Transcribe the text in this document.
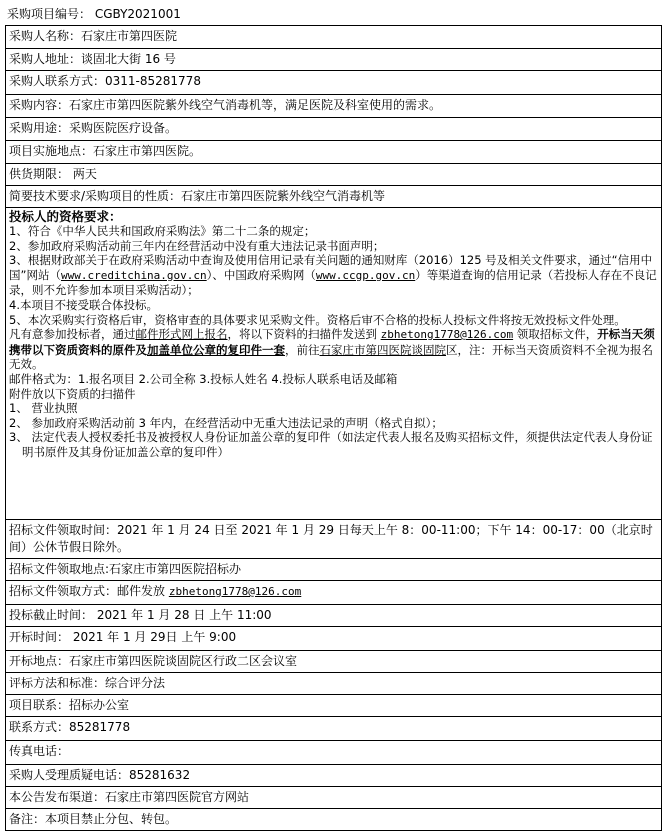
采购项目编号： CGBY2021001
采购人名称：石家庄市第四医院
采购人地址：谈固北大街 16 号
采购人联系方式：0311-85281778
采购内容：石家庄市第四医院紫外线空气消毒机等，满足医院及科室使用的需求。
采购用途：采购医院医疗设备。
项目实施地点：石家庄市第四医院。
供货期限： 两天
简要技术要求/采购项目的性质：石家庄市第四医院紫外线空气消毒机等
投标人的资格要求：
1、符合《中华人民共和国政府采购法》第二十二条的规定；
2、参加政府采购活动前三年内在经营活动中没有重大违法记录书面声明；
3、根据财政部关于在政府采购活动中查询及使用信用记录有关问题的通知财库（2016）125 号及相关文件要求，通过“信用中国”网站（www.creditchina.gov.cn）、中国政府采购网（www.ccgp.gov.cn）等渠道查询的信用记录（若投标人存在不良记录，则不允许参加本项目采购活动）；
4.本项目不接受联合体投标。
5、本次采购实行资格后审，资格审查的具体要求见采购文件。资格后审不合格的投标人投标文件将按无效投标文件处理。
凡有意参加投标者，通过邮件形式网上报名，将以下资料的扫描件发送到 zbhetong1778@126.com 领取招标文件，开标当天须携带以下资质资料的原件及加盖单位公章的复印件一套，前往石家庄市第四医院谈固院区，注：开标当天资质资料不全视为报名无效。
邮件格式为：1.报名项目 2.公司全称 3.投标人姓名 4.投标人联系电话及邮箱
附件放以下资质的扫描件
1、 营业执照
2、 参加政府采购活动前 3 年内，在经营活动中无重大违法记录的声明（格式自拟）；
3、 法定代表人授权委托书及被授权人身份证加盖公章的复印件（如法定代表人报名及购买招标文件，须提供法定代表人身份证明书原件及其身份证加盖公章的复印件）
招标文件领取时间：2021 年 1 月 24 日至 2021 年 1 月 29 日每天上午 8：00-11:00；下午 14：00-17：00（北京时间）公休节假日除外。
招标文件领取地点:石家庄市第四医院招标办
招标文件领取方式：邮件发放 zbhetong1778@126.com
投标截止时间： 2021 年 1 月 28 日 上午 11:00
开标时间： 2021 年 1 月 29日 上午 9:00
开标地点：石家庄市第四医院谈固院区行政二区会议室
评标方法和标准：综合评分法
项目联系：招标办公室
联系方式：85281778
传真电话：
采购人受理质疑电话：85281632
本公告发布渠道：石家庄市第四医院官方网站
备注：本项目禁止分包、转包。
